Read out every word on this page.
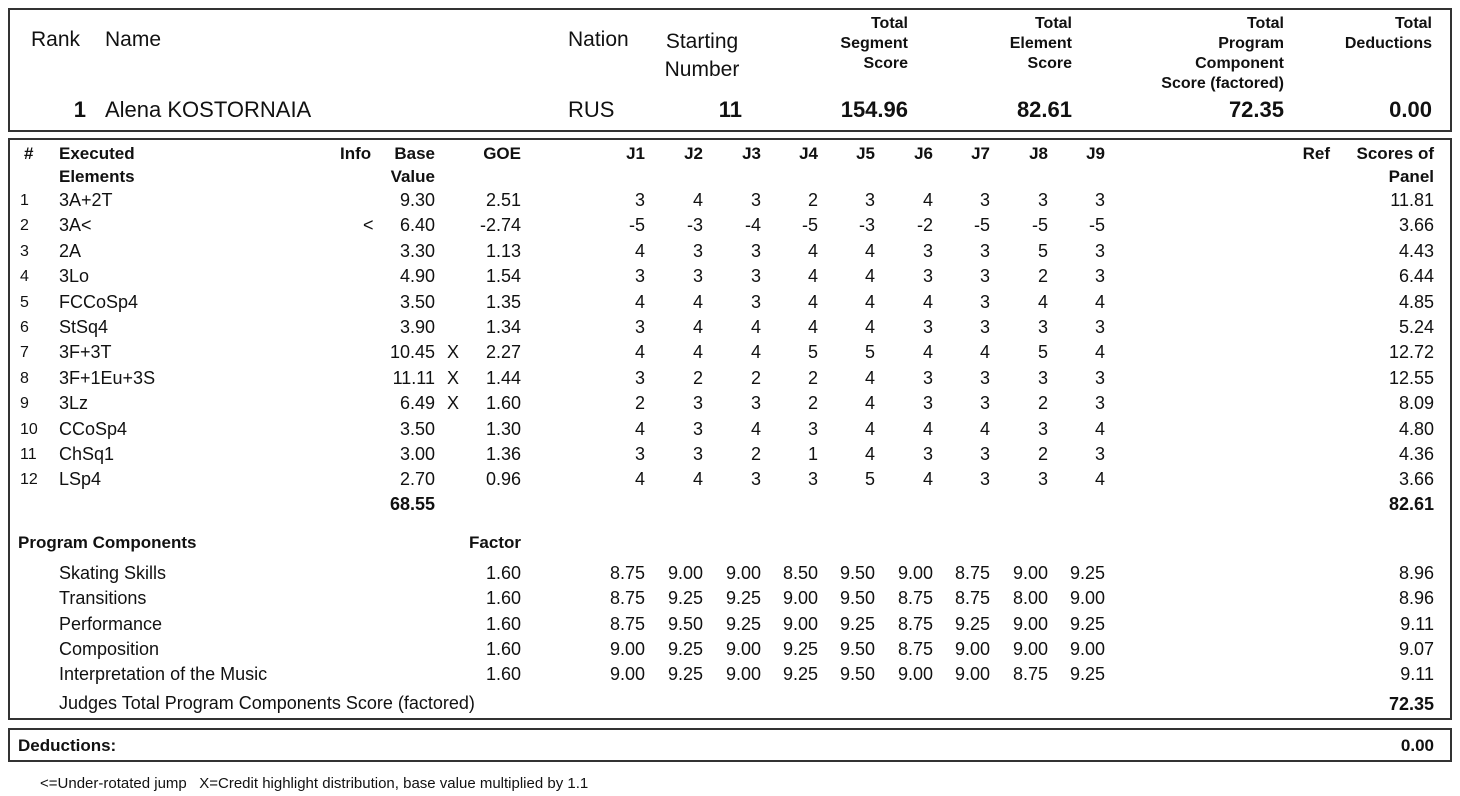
Rank Name	Nation	Starting
Number
Total
Segment
Score
Total
Element
Score
Total
Program
Component
Score (factored)
Total
Deductions
1 Alena KOSTORNAIA	RUS	11	154.96	82.61	72.35	0.00
# Executed
Elements
Info	Base
Value
GOE	J1	J2	J3	J4	J5	J6	J7	J8	J9	Ref	Scores of
Panel
1 3A+2T	9.30	2.51	3	4	3	2	3	4	3	3	3	11.81
2 3A<	<	6.40	-2.74	-5	-3	-4	-5	-3	-2	-5	-5	-5	3.66
3 2A	3.30	1.13	4	3	3	4	4	3	3	5	3	4.43
4 3Lo	4.90	1.54	3	3	3	4	4	3	3	2	3	6.44
5 FCCoSp4	3.50	1.35	4	4	3	4	4	4	3	4	4	4.85
6 StSq4	3.90	1.34	3	4	4	4	4	3	3	3	3	5.24
7 3F+3T	10.45 X	2.27	4	4	4	5	5	4	4	5	4	12.72
8 3F+1Eu+3S	11.11 X	1.44	3	2	2	2	4	3	3	3	3	12.55
9 3Lz	6.49 X	1.60	2	3	3	2	4	3	3	2	3	8.09
10 CCoSp4	3.50	1.30	4	3	4	3	4	4	4	3	4	4.80
11 ChSq1	3.00	1.36	3	3	2	1	4	3	3	2	3	4.36
12 LSp4	2.70	0.96	4	4	3	3	5	4	3	3	4	3.66
68.55	82.61
Program Components	Factor
Skating Skills	1.60	8.75	9.00	9.00	8.50	9.50	9.00	8.75	9.00	9.25	8.96
Transitions	1.60	8.75	9.25	9.25	9.00	9.50	8.75	8.75	8.00	9.00	8.96
Performance	1.60	8.75	9.50	9.25	9.00	9.25	8.75	9.25	9.00	9.25	9.11
Composition	1.60	9.00	9.25	9.00	9.25	9.50	8.75	9.00	9.00	9.00	9.07
Interpretation of the Music	1.60	9.00	9.25	9.00	9.25	9.50	9.00	9.00	8.75	9.25	9.11
Judges Total Program Components Score (factored)	72.35
Deductions:	0.00
<=Under-rotated jump   X=Credit highlight distribution, base value multiplied by 1.1
